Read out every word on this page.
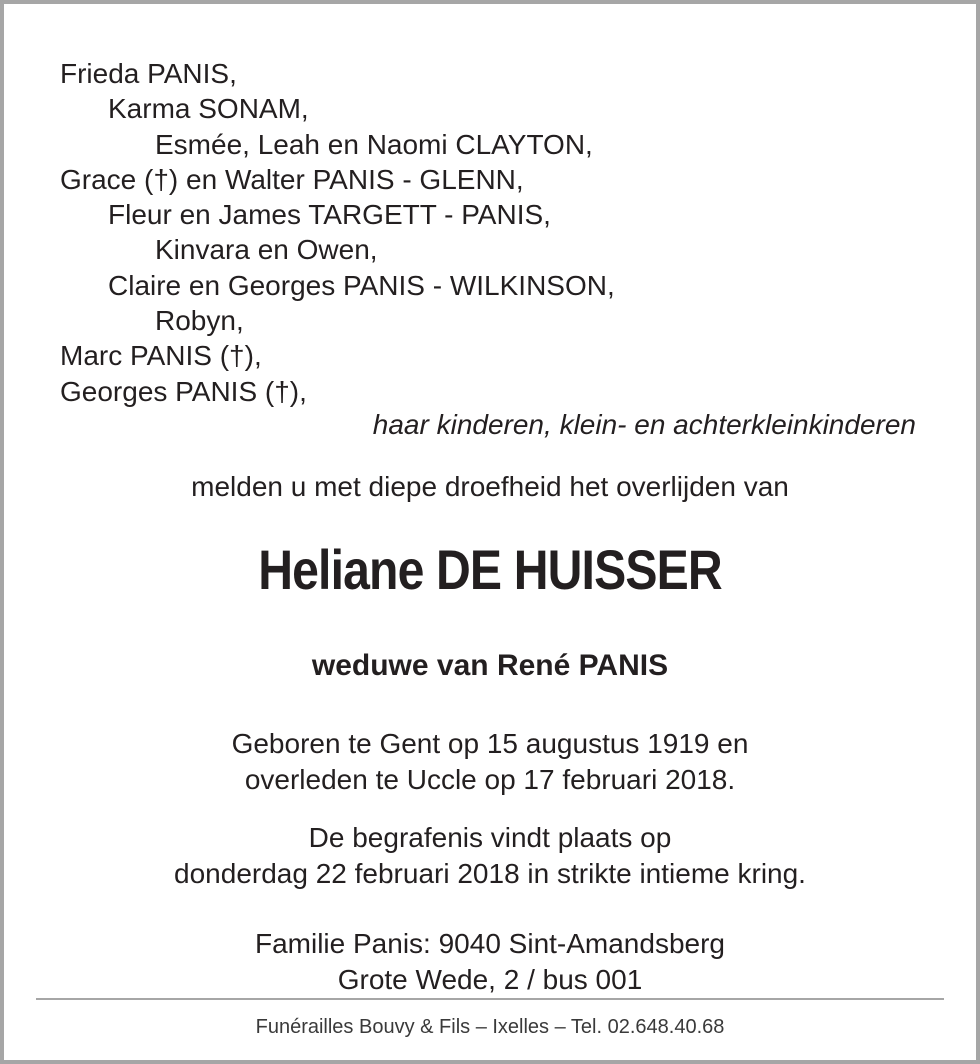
Frieda PANIS,
Karma SONAM,
Esmée, Leah en Naomi CLAYTON,
Grace (†) en Walter PANIS - GLENN,
Fleur en James TARGETT - PANIS,
Kinvara en Owen,
Claire en Georges PANIS - WILKINSON,
Robyn,
Marc PANIS (†),
Georges PANIS (†),
haar kinderen, klein- en achterkleinkinderen
melden u met diepe droefheid het overlijden van
Heliane DE HUISSER
weduwe van René PANIS
Geboren te Gent op 15 augustus 1919 en
overleden te Uccle op 17 februari 2018.
De begrafenis vindt plaats op
donderdag 22 februari 2018 in strikte intieme kring.
Familie Panis: 9040 Sint-Amandsberg
Grote Wede, 2 / bus 001
Funérailles Bouvy & Fils – Ixelles – Tel. 02.648.40.68
